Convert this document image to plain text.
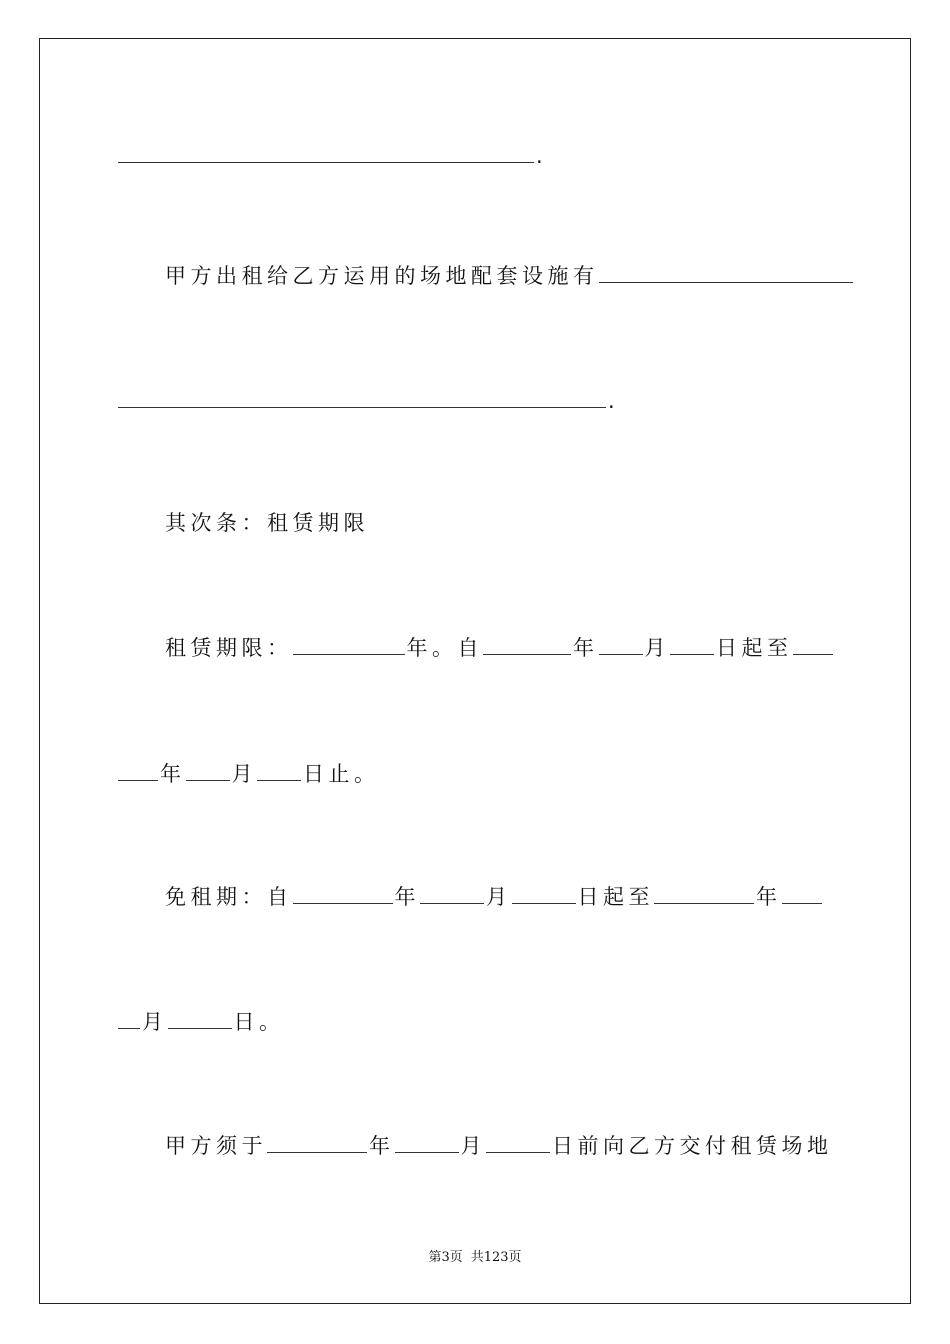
.
甲方出租给乙方运用的场地配套设施有
.
其次条：租赁期限
租赁期限：	年。自	年 月 日起至
年 月 日止。
免租期：自	年	月	日起至	年
月	日。
甲方须于	年	月	日前向乙方交付租赁场地
第3页 共123页
